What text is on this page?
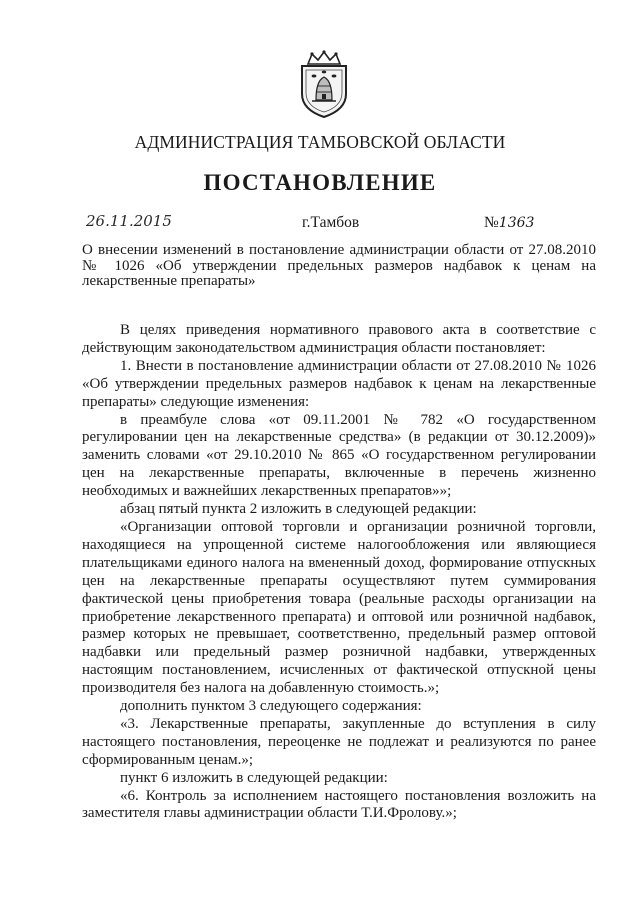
АДМИНИСТРАЦИЯ ТАМБОВСКОЙ ОБЛАСТИ
ПОСТАНОВЛЕНИЕ
26.11.2015	г.Тамбов	№1363
О внесении изменений в постановление администрации области от 27.08.2010 № 1026 «Об утверждении предельных размеров надбавок к ценам на лекарственные препараты»

В целях приведения нормативного правового акта в соответствие с действующим законодательством администрация области постановляет:

1. Внести в постановление администрации области от 27.08.2010 № 1026 «Об утверждении предельных размеров надбавок к ценам на лекарственные препараты» следующие изменения:

в преамбуле слова «от 09.11.2001 № 782 «О государственном регулировании цен на лекарственные средства» (в редакции от 30.12.2009)» заменить словами «от 29.10.2010 № 865 «О государственном регулировании цен на лекарственные препараты, включенные в перечень жизненно необходимых и важнейших лекарственных препаратов»»;

абзац пятый пункта 2 изложить в следующей редакции:

«Организации оптовой торговли и организации розничной торговли, находящиеся на упрощенной системе налогообложения или являющиеся плательщиками единого налога на вмененный доход, формирование отпускных цен на лекарственные препараты осуществляют путем суммирования фактической цены приобретения товара (реальные расходы организации на приобретение лекарственного препарата) и оптовой или розничной надбавок, размер которых не превышает, соответственно, предельный размер оптовой надбавки или предельный размер розничной надбавки, утвержденных настоящим постановлением, исчисленных от фактической отпускной цены производителя без налога на добавленную стоимость.»;

дополнить пунктом 3 следующего содержания:

«3. Лекарственные препараты, закупленные до вступления в силу настоящего постановления, переоценке не подлежат и реализуются по ранее сформированным ценам.»;

пункт 6 изложить в следующей редакции:

«6. Контроль за исполнением настоящего постановления возложить на заместителя главы администрации области Т.И.Фролову.»;
